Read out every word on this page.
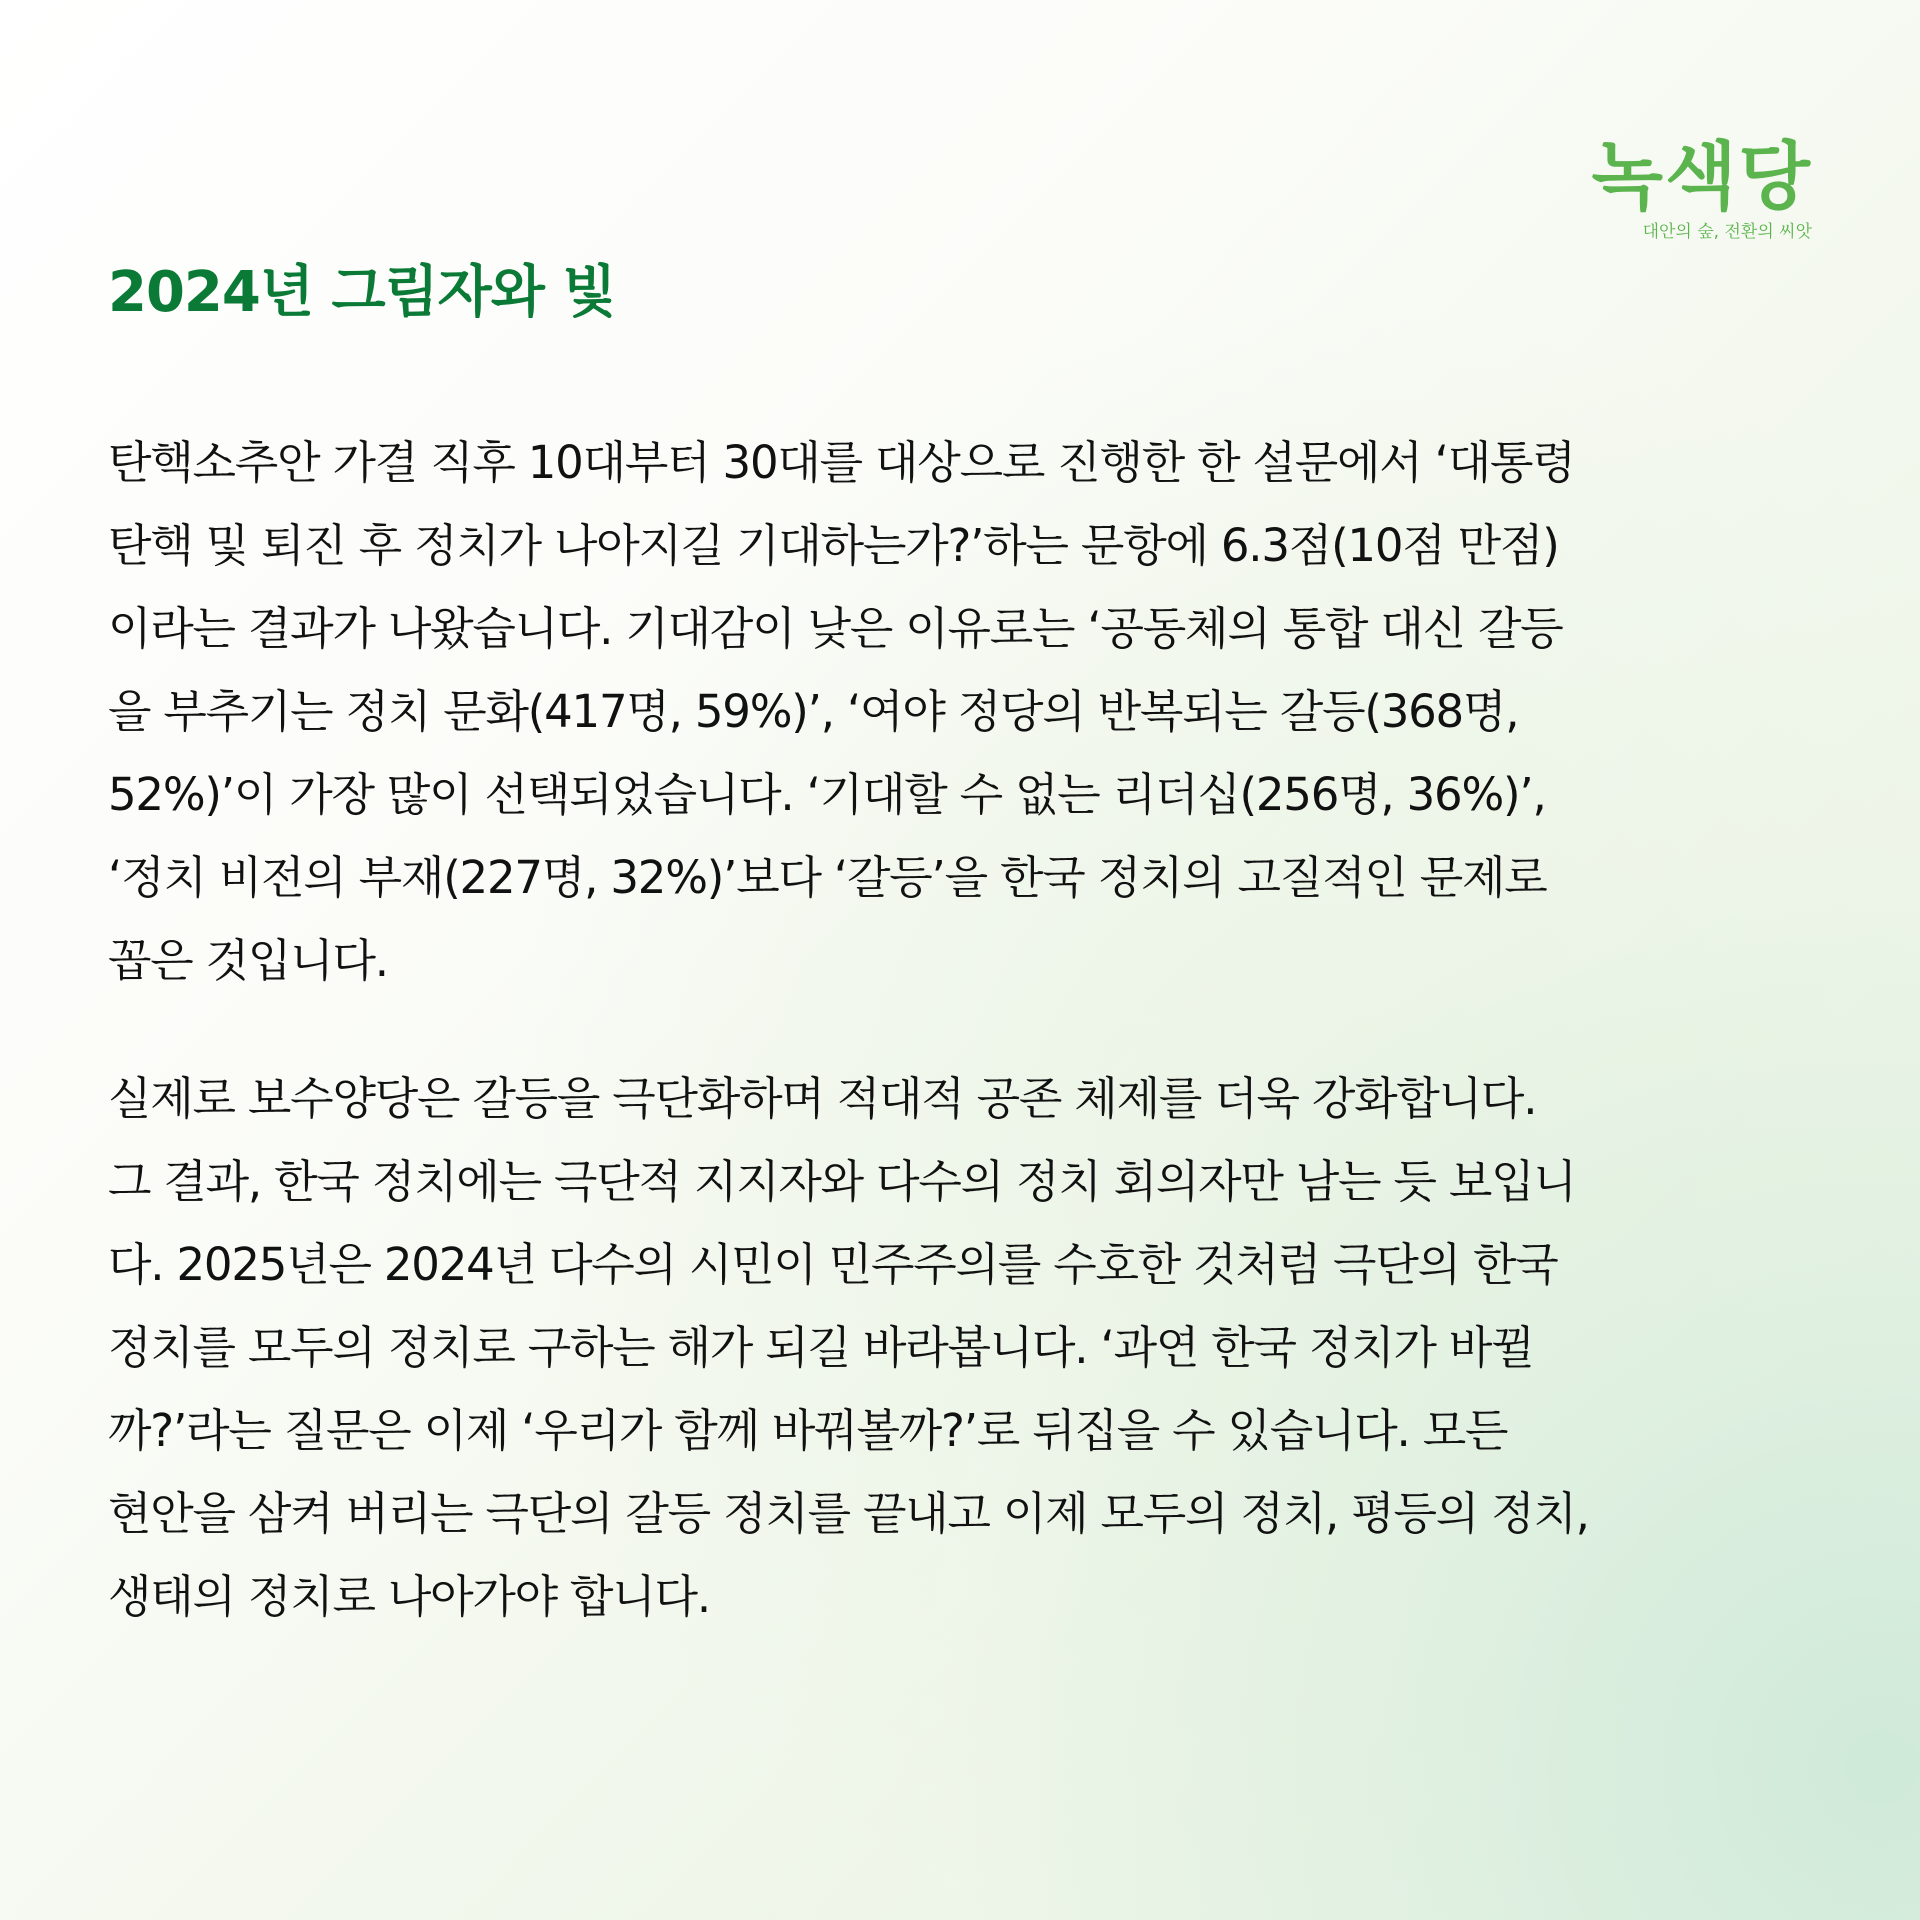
녹색당
대안의 숲, 전환의 씨앗
2024년 그림자와 빛

탄핵소추안 가결 직후 10대부터 30대를 대상으로 진행한 한 설문에서 ‘대통령
탄핵 및 퇴진 후 정치가 나아지길 기대하는가?’하는 문항에 6.3점(10점 만점)
이라는 결과가 나왔습니다. 기대감이 낮은 이유로는 ‘공동체의 통합 대신 갈등
을 부추기는 정치 문화(417명, 59%)’, ‘여야 정당의 반복되는 갈등(368명,
52%)’이 가장 많이 선택되었습니다. ‘기대할 수 없는 리더십(256명, 36%)’,
‘정치 비전의 부재(227명, 32%)’보다 ‘갈등’을 한국 정치의 고질적인 문제로
꼽은 것입니다.

실제로 보수양당은 갈등을 극단화하며 적대적 공존 체제를 더욱 강화합니다.
그 결과, 한국 정치에는 극단적 지지자와 다수의 정치 회의자만 남는 듯 보입니
다. 2025년은 2024년 다수의 시민이 민주주의를 수호한 것처럼 극단의 한국
정치를 모두의 정치로 구하는 해가 되길 바라봅니다. ‘과연 한국 정치가 바뀔
까?’라는 질문은 이제 ‘우리가 함께 바꿔볼까?’로 뒤집을 수 있습니다. 모든
현안을 삼켜 버리는 극단의 갈등 정치를 끝내고 이제 모두의 정치, 평등의 정치,
생태의 정치로 나아가야 합니다.
